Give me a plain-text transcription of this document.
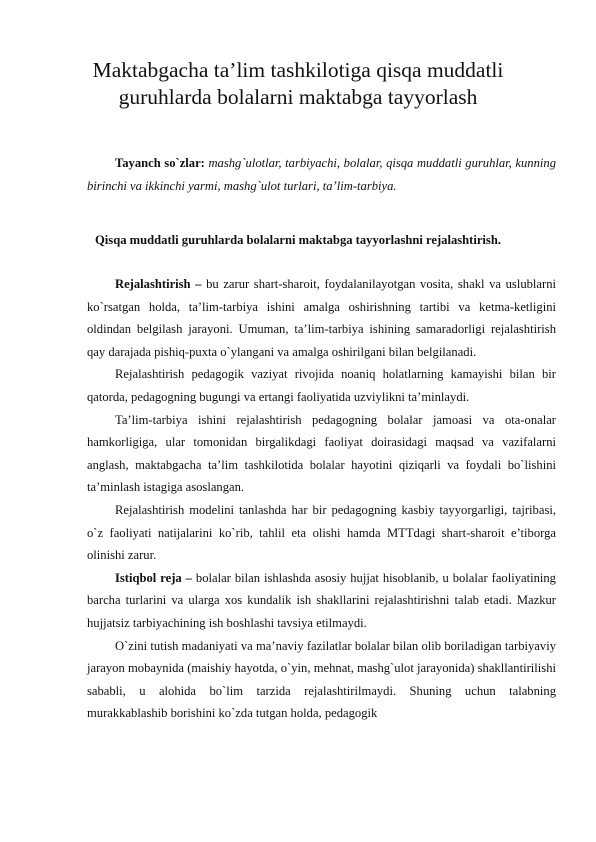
Maktabgacha ta’lim tashkilotiga qisqa muddatli guruhlarda bolalarni maktabga tayyorlash

Tayanch so`zlar: mashg`ulotlar, tarbiyachi, bolalar, qisqa muddatli guruhlar, kunning birinchi va ikkinchi yarmi, mashg`ulot turlari, ta’lim-tarbiya.

Qisqa muddatli guruhlarda bolalarni maktabga tayyorlashni rejalashtirish.

Rejalashtirish – bu zarur shart-sharoit, foydalanilayotgan vosita, shakl va uslublarni ko`rsatgan holda, ta’lim-tarbiya ishini amalga oshirishning tartibi va ketma-ketligini oldindan belgilash jarayoni. Umuman, ta’lim-tarbiya ishining samaradorligi rejalashtirish qay darajada pishiq-puxta o`ylangani va amalga oshirilgani bilan belgilanadi.

Rejalashtirish pedagogik vaziyat rivojida noaniq holatlarning kamayishi bilan bir qatorda, pedagogning bugungi va ertangi faoliyatida uzviylikni ta’minlaydi.

Ta’lim-tarbiya ishini rejalashtirish pedagogning bolalar jamoasi va ota-onalar hamkorligiga, ular tomonidan birgalikdagi faoliyat doirasidagi maqsad va vazifalarni anglash, maktabgacha ta’lim tashkilotida bolalar hayotini qiziqarli va foydali bo`lishini ta’minlash istagiga asoslangan.

Rejalashtirish modelini tanlashda har bir pedagogning kasbiy tayyorgarligi, tajribasi, o`z faoliyati natijalarini ko`rib, tahlil eta olishi hamda MTTdagi shart-sharoit e’tiborga olinishi zarur.

Istiqbol reja – bolalar bilan ishlashda asosiy hujjat hisoblanib, u bolalar faoliyatining barcha turlarini va ularga xos kundalik ish shakllarini rejalashtirishni talab etadi. Mazkur hujjatsiz tarbiyachining ish boshlashi tavsiya etilmaydi.

O`zini tutish madaniyati va ma’naviy fazilatlar bolalar bilan olib boriladigan tarbiyaviy jarayon mobaynida (maishiy hayotda, o`yin, mehnat, mashg`ulot jarayonida) shakllantirilishi sababli, u alohida bo`lim tarzida rejalashtirilmaydi. Shuning uchun talabning murakkablashib borishini ko`zda tutgan holda, pedagogik
